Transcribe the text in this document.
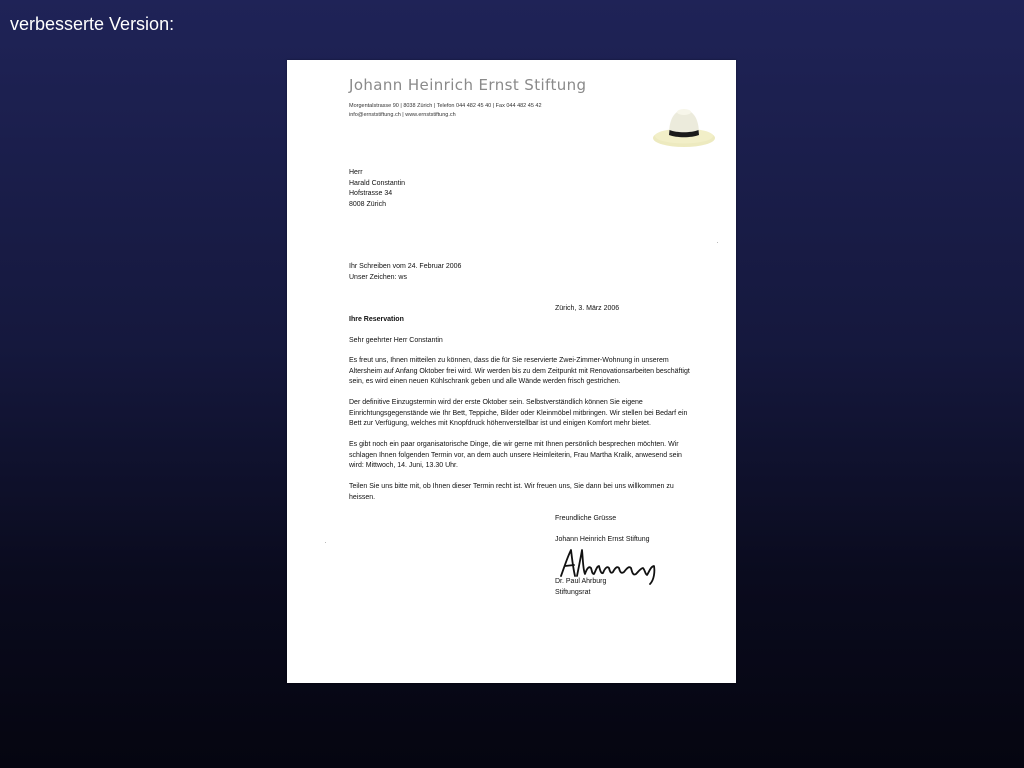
verbesserte Version:
Johann Heinrich Ernst Stiftung
Morgentalstrasse 90 | 8038 Zürich | Telefon 044 482 45 40 | Fax 044 482 45 42
info@ernststiftung.ch | www.ernststiftung.ch
Herr
Harald Constantin
Hofstrasse 34
8008 Zürich
Ihr Schreiben vom 24. Februar 2006
Unser Zeichen: ws
Zürich, 3. März 2006
Ihre Reservation
Sehr geehrter Herr Constantin
Es freut uns, Ihnen mitteilen zu können, dass die für Sie reservierte Zwei-Zimmer-Wohnung in unserem Altersheim auf Anfang Oktober frei wird. Wir werden bis zu dem Zeitpunkt mit Renovationsarbeiten beschäftigt sein, es wird einen neuen Kühlschrank geben und alle Wände werden frisch gestrichen.
Der definitive Einzugstermin wird der erste Oktober sein. Selbstverständlich können Sie eigene Einrichtungsgegenstände wie Ihr Bett, Teppiche, Bilder oder Kleinmöbel mitbringen. Wir stellen bei Bedarf ein Bett zur Verfügung, welches mit Knopfdruck höhenverstellbar ist und einigen Komfort mehr bietet.
Es gibt noch ein paar organisatorische Dinge, die wir gerne mit Ihnen persönlich besprechen möchten. Wir schlagen Ihnen folgenden Termin vor, an dem auch unsere Heimleiterin, Frau Martha Kralik, anwesend sein wird: Mittwoch, 14. Juni, 13.30 Uhr.
Teilen Sie uns bitte mit, ob Ihnen dieser Termin recht ist. Wir freuen uns, Sie dann bei uns willkommen zu heissen.
Freundliche Grüsse
Johann Heinrich Ernst Stiftung
Dr. Paul Ahrburg
Stiftungsrat
